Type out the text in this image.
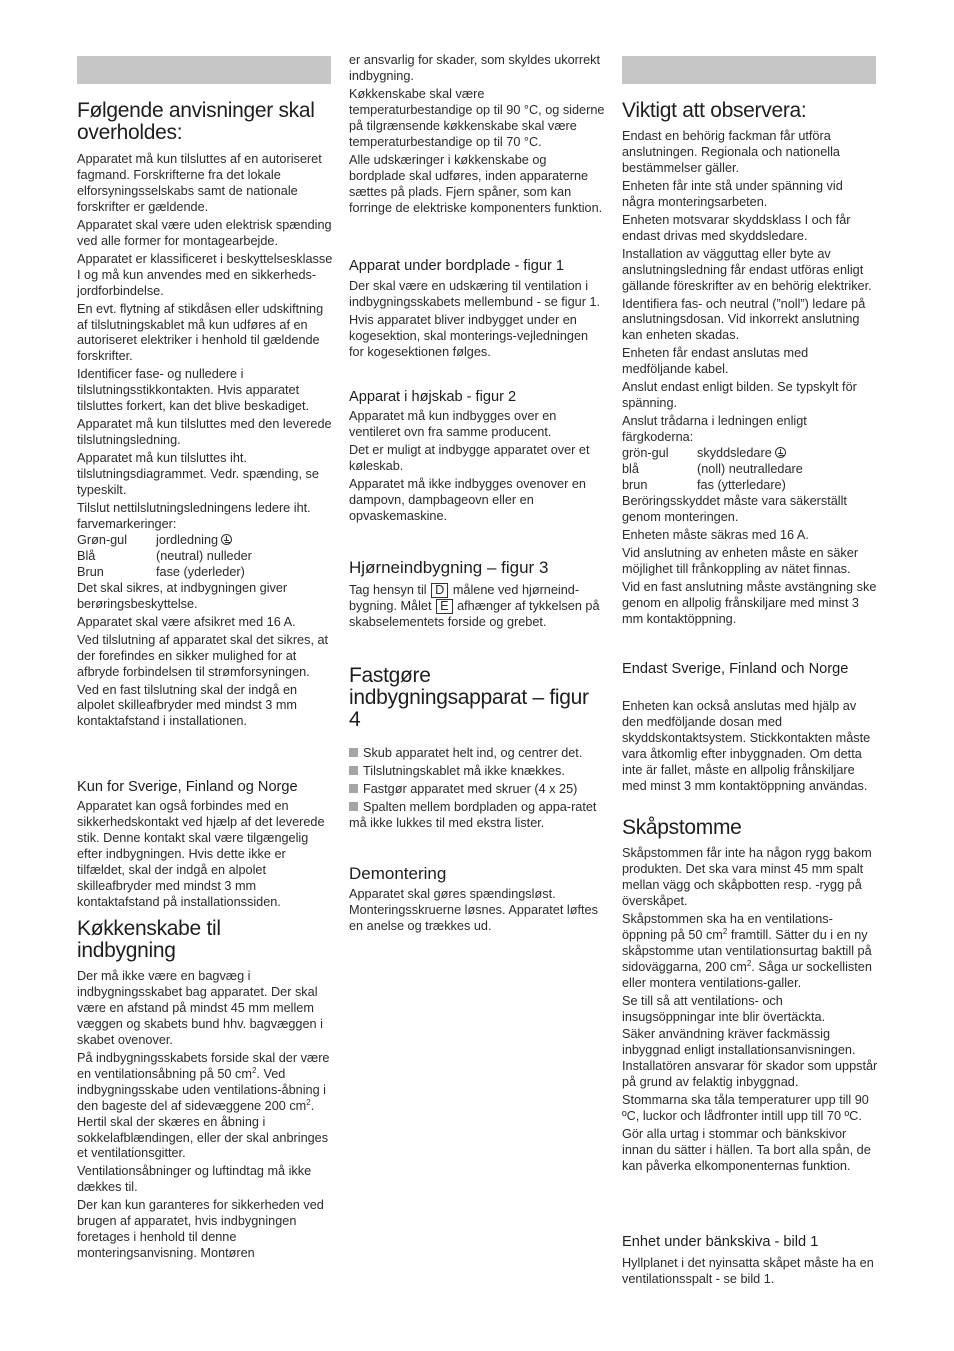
Følgende anvisninger skal overholdes:

Apparatet må kun tilsluttes af en autoriseret fagmand. Forskrifterne fra det lokale elforsyningsselskabs samt de nationale forskrifter er gældende.

Apparatet skal være uden elektrisk spænding ved alle former for montagearbejde.

Apparatet er klassificeret i beskyttelsesklasse I og må kun anvendes med en sikkerheds-jordforbindelse.

En evt. flytning af stikdåsen eller udskiftning af tilslutningskablet må kun udføres af en autoriseret elektriker i henhold til gældende forskrifter.

Identificer fase- og nulledere i tilslutningsstikkontakten. Hvis apparatet tilsluttes forkert, kan det blive beskadiget.

Apparatet må kun tilsluttes med den leverede tilslutningsledning.

Apparatet må kun tilsluttes iht. tilslutningsdiagrammet. Vedr. spænding, se typeskilt.

Tilslut nettilslutningsledningens ledere iht. farvemarkeringer:

Grøn-gul	jordledning
Blå	(neutral) nulleder
Brun	fase (yderleder)

Det skal sikres, at indbygningen giver berøringsbeskyttelse.

Apparatet skal være afsikret med 16 A.

Ved tilslutning af apparatet skal det sikres, at der forefindes en sikker mulighed for at afbryde forbindelsen til strømforsyningen.

Ved en fast tilslutning skal der indgå en alpolet skilleafbryder med mindst 3 mm kontaktafstand i installationen.

Kun for Sverige, Finland og Norge

Apparatet kan også forbindes med en sikkerhedskontakt ved hjælp af det leverede stik. Denne kontakt skal være tilgængelig efter indbygningen. Hvis dette ikke er tilfældet, skal der indgå en alpolet skilleafbryder med mindst 3 mm kontaktafstand på installationssiden.

Køkkenskabe til indbygning

Der må ikke være en bagvæg i indbygningsskabet bag apparatet. Der skal være en afstand på mindst 45 mm mellem væggen og skabets bund hhv. bagvæggen i skabet ovenover.

På indbygningsskabets forside skal der være en ventilationsåbning på 50 $cm^2$. Ved indbygningsskabe uden ventilations-åbning i den bageste del af sidevæggene 200 $cm^2$. Hertil skal der skæres en åbning i sokkelafblændingen, eller der skal anbringes et ventilationsgitter.

Ventilationsåbninger og luftindtag må ikke dækkes til.

Der kan kun garanteres for sikkerheden ved brugen af apparatet, hvis indbygningen foretages i henhold til denne monteringsanvisning. Montøren

er ansvarlig for skader, som skyldes ukorrekt indbygning.

Køkkenskabe skal være temperaturbestandige op til 90 °C, og siderne på tilgrænsende køkkenskabe skal være temperaturbestandige op til 70 °C.

Alle udskæringer i køkkenskabe og bordplade skal udføres, inden apparaterne sættes på plads. Fjern spåner, som kan forringe de elektriske komponenters funktion.

Apparat under bordplade - figur 1

Der skal være en udskæring til ventilation i indbygningsskabets mellembund - se figur 1.

Hvis apparatet bliver indbygget under en kogesektion, skal monterings-vejledningen for kogesektionen følges.

Apparat i højskab - figur 2

Apparatet må kun indbygges over en ventileret ovn fra samme producent.

Det er muligt at indbygge apparatet over et køleskab.

Apparatet må ikke indbygges ovenover en dampovn, dampbageovn eller en opvaskemaskine.

Hjørneindbygning – figur 3

Tag hensyn til D målene ved hjørneind-bygning. Målet E afhænger af tykkelsen på skabselementets forside og grebet.

Fastgøre indbygningsapparat – figur 4

Skub apparatet helt ind, og centrer det.

Tilslutningskablet må ikke knækkes.

Fastgør apparatet med skruer (4 x 25)

Spalten mellem bordpladen og appa-ratet må ikke lukkes til med ekstra lister.

Demontering

Apparatet skal gøres spændingsløst. Monteringsskruerne løsnes. Apparatet løftes en anelse og trækkes ud.

Viktigt att observera:

Endast en behörig fackman får utföra anslutningen. Regionala och nationella bestämmelser gäller.

Enheten får inte stå under spänning vid några monteringsarbeten.

Enheten motsvarar skyddsklass I och får endast drivas med skyddsledare.

Installation av vägguttag eller byte av anslutningsledning får endast utföras enligt gällande föreskrifter av en behörig elektriker.

Identifiera fas- och neutral (”noll”) ledare på anslutningsdosan. Vid inkorrekt anslutning kan enheten skadas.

Enheten får endast anslutas med medföljande kabel.

Anslut endast enligt bilden. Se typskylt för spänning.

Anslut trådarna i ledningen enligt färgkoderna:

grön-gul	skyddsledare
blå	(noll) neutralledare
brun	fas (ytterledare)

Beröringsskyddet måste vara säkerställt genom monteringen.

Enheten måste säkras med 16 A.

Vid anslutning av enheten måste en säker möjlighet till frånkoppling av nätet finnas.

Vid en fast anslutning måste avstängning ske genom en allpolig frånskiljare med minst 3 mm kontaktöppning.

Endast Sverige, Finland och Norge

Enheten kan också anslutas med hjälp av den medföljande dosan med skyddskontaktsystem. Stickkontakten måste vara åtkomlig efter inbyggnaden. Om detta inte är fallet, måste en allpolig frånskiljare med minst 3 mm kontaktöppning användas.

Skåpstomme

Skåpstommen får inte ha någon rygg bakom produkten. Det ska vara minst 45 mm spalt mellan vägg och skåpbotten resp. -rygg på överskåpet.

Skåpstommen ska ha en ventilations-öppning på 50 $cm^2$ framtill. Sätter du i en ny skåpstomme utan ventilationsurtag baktill på sidoväggarna, 200 $cm^2$. Såga ur sockellisten eller montera ventilations-galler.

Se till så att ventilations- och insugsöppningar inte blir övertäckta.

Säker användning kräver fackmässig inbyggnad enligt installationsanvisningen. Installatören ansvarar för skador som uppstår på grund av felaktig inbyggnad.

Stommarna ska tåla temperaturer upp till 90 ºC, luckor och lådfronter intill upp till 70 ºC.

Gör alla urtag i stommar och bänkskivor innan du sätter i hällen. Ta bort alla spån, de kan påverka elkomponenternas funktion.

Enhet under bänkskiva - bild 1

Hyllplanet i det nyinsatta skåpet måste ha en ventilationsspalt - se bild 1.
